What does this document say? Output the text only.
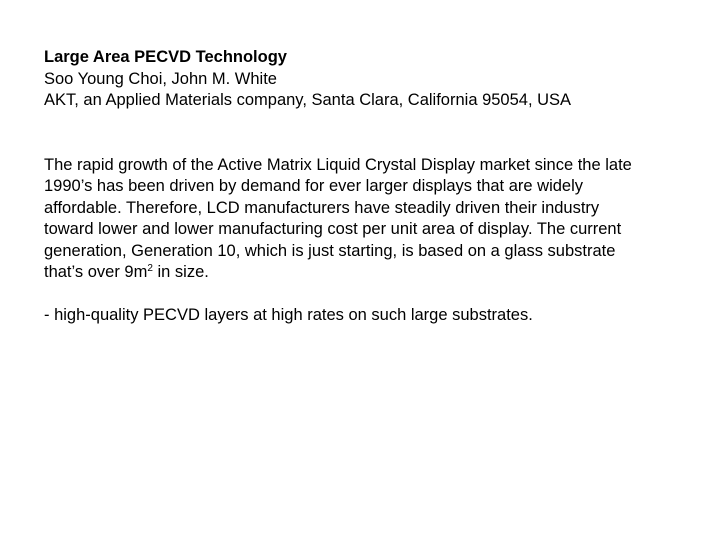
Large Area PECVD Technology
Soo Young Choi, John M. White
AKT, an Applied Materials company, Santa Clara, California 95054, USA
The rapid growth of the Active Matrix Liquid Crystal Display market since the late
1990’s has been driven by demand for ever larger displays that are widely
affordable. Therefore, LCD manufacturers have steadily driven their industry
toward lower and lower manufacturing cost per unit area of display. The current
generation, Generation 10, which is just starting, is based on a glass substrate
that’s over $9m^2$ in size.
- high-quality PECVD layers at high rates on such large substrates.
